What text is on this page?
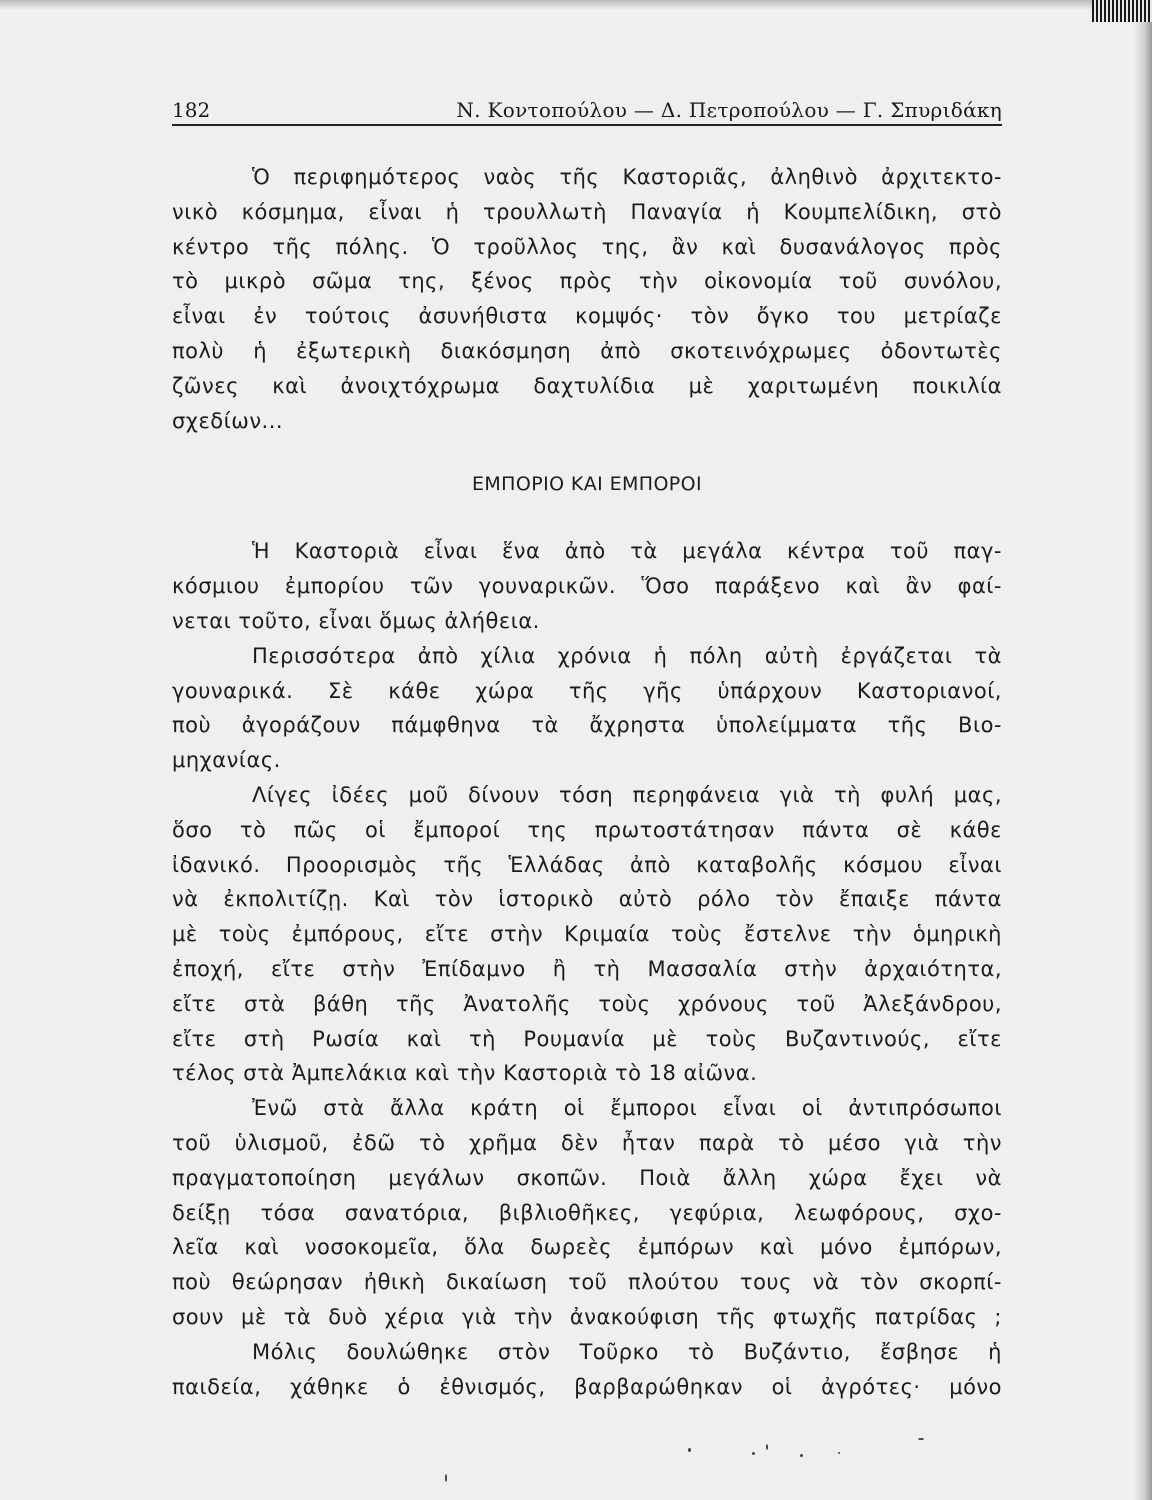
182	Ν. Κοντοπούλου — Δ. Πετροπούλου — Γ. Σπυριδάκη
Ὁ περιφημότερος ναὸς τῆς Καστοριᾶς, ἀληθινὸ ἀρχιτεκτο-
νικὸ κόσμημα, εἶναι ἡ τρουλλωτὴ Παναγία ἡ Κουμπελίδικη, στὸ
κέντρο τῆς πόλης. Ὁ τροῦλλος της, ἂν καὶ δυσανάλογος πρὸς
τὸ μικρὸ σῶμα της, ξένος πρὸς τὴν οἰκονομία τοῦ συνόλου,
εἶναι ἐν τούτοις ἀσυνήθιστα κομψός· τὸν ὄγκο του μετρίαζε
πολὺ ἡ ἐξωτερικὴ διακόσμηση ἀπὸ σκοτεινόχρωμες ὀδοντωτὲς
ζῶνες καὶ ἀνοιχτόχρωμα δαχτυλίδια μὲ χαριτωμένη ποικιλία
σχεδίων...
ΕΜΠΟΡΙΟ ΚΑΙ ΕΜΠΟΡΟΙ
Ἡ Καστοριὰ εἶναι ἕνα ἀπὸ τὰ μεγάλα κέντρα τοῦ παγ-
κόσμιου ἐμπορίου τῶν γουναρικῶν. Ὅσο παράξενο καὶ ἂν φαί-
νεται τοῦτο, εἶναι ὅμως ἀλήθεια.
Περισσότερα ἀπὸ χίλια χρόνια ἡ πόλη αὐτὴ ἐργάζεται τὰ
γουναρικά. Σὲ κάθε χώρα τῆς γῆς ὑπάρχουν Καστοριανοί,
ποὺ ἀγοράζουν πάμφθηνα τὰ ἄχρηστα ὑπολείμματα τῆς Βιο-
μηχανίας.
Λίγες ἰδέες μοῦ δίνουν τόση περηφάνεια γιὰ τὴ φυλή μας,
ὅσο τὸ πῶς οἱ ἔμποροί της πρωτοστάτησαν πάντα σὲ κάθε
ἰδανικό. Προορισμὸς τῆς Ἑλλάδας ἀπὸ καταβολῆς κόσμου εἶναι
νὰ ἐκπολιτίζῃ. Καὶ τὸν ἱστορικὸ αὐτὸ ρόλο τὸν ἔπαιξε πάντα
μὲ τοὺς ἐμπόρους, εἴτε στὴν Κριμαία τοὺς ἔστελνε τὴν ὁμηρικὴ
ἐποχή, εἴτε στὴν Ἐπίδαμνο ἢ τὴ Μασσαλία στὴν ἀρχαιότητα,
εἴτε στὰ βάθη τῆς Ἀνατολῆς τοὺς χρόνους τοῦ Ἀλεξάνδρου,
εἴτε στὴ Ρωσία καὶ τὴ Ρουμανία μὲ τοὺς Βυζαντινούς, εἴτε
τέλος στὰ Ἀμπελάκια καὶ τὴν Καστοριὰ τὸ 18 αἰῶνα.
Ἐνῶ στὰ ἄλλα κράτη οἱ ἔμποροι εἶναι οἱ ἀντιπρόσωποι
τοῦ ὑλισμοῦ, ἐδῶ τὸ χρῆμα δὲν ἦταν παρὰ τὸ μέσο γιὰ τὴν
πραγματοποίηση μεγάλων σκοπῶν. Ποιὰ ἄλλη χώρα ἔχει νὰ
δείξῃ τόσα σανατόρια, βιβλιοθῆκες, γεφύρια, λεωφόρους, σχο-
λεῖα καὶ νοσοκομεῖα, ὅλα δωρεὲς ἐμπόρων καὶ μόνο ἐμπόρων,
ποὺ θεώρησαν ἠθικὴ δικαίωση τοῦ πλούτου τους νὰ τὸν σκορπί-
σουν μὲ τὰ δυὸ χέρια γιὰ τὴν ἀνακούφιση τῆς φτωχῆς πατρίδας ;
Μόλις δουλώθηκε στὸν Τοῦρκο τὸ Βυζάντιο, ἔσβησε ἡ
παιδεία, χάθηκε ὁ ἐθνισμός, βαρβαρώθηκαν οἱ ἀγρότες· μόνο
